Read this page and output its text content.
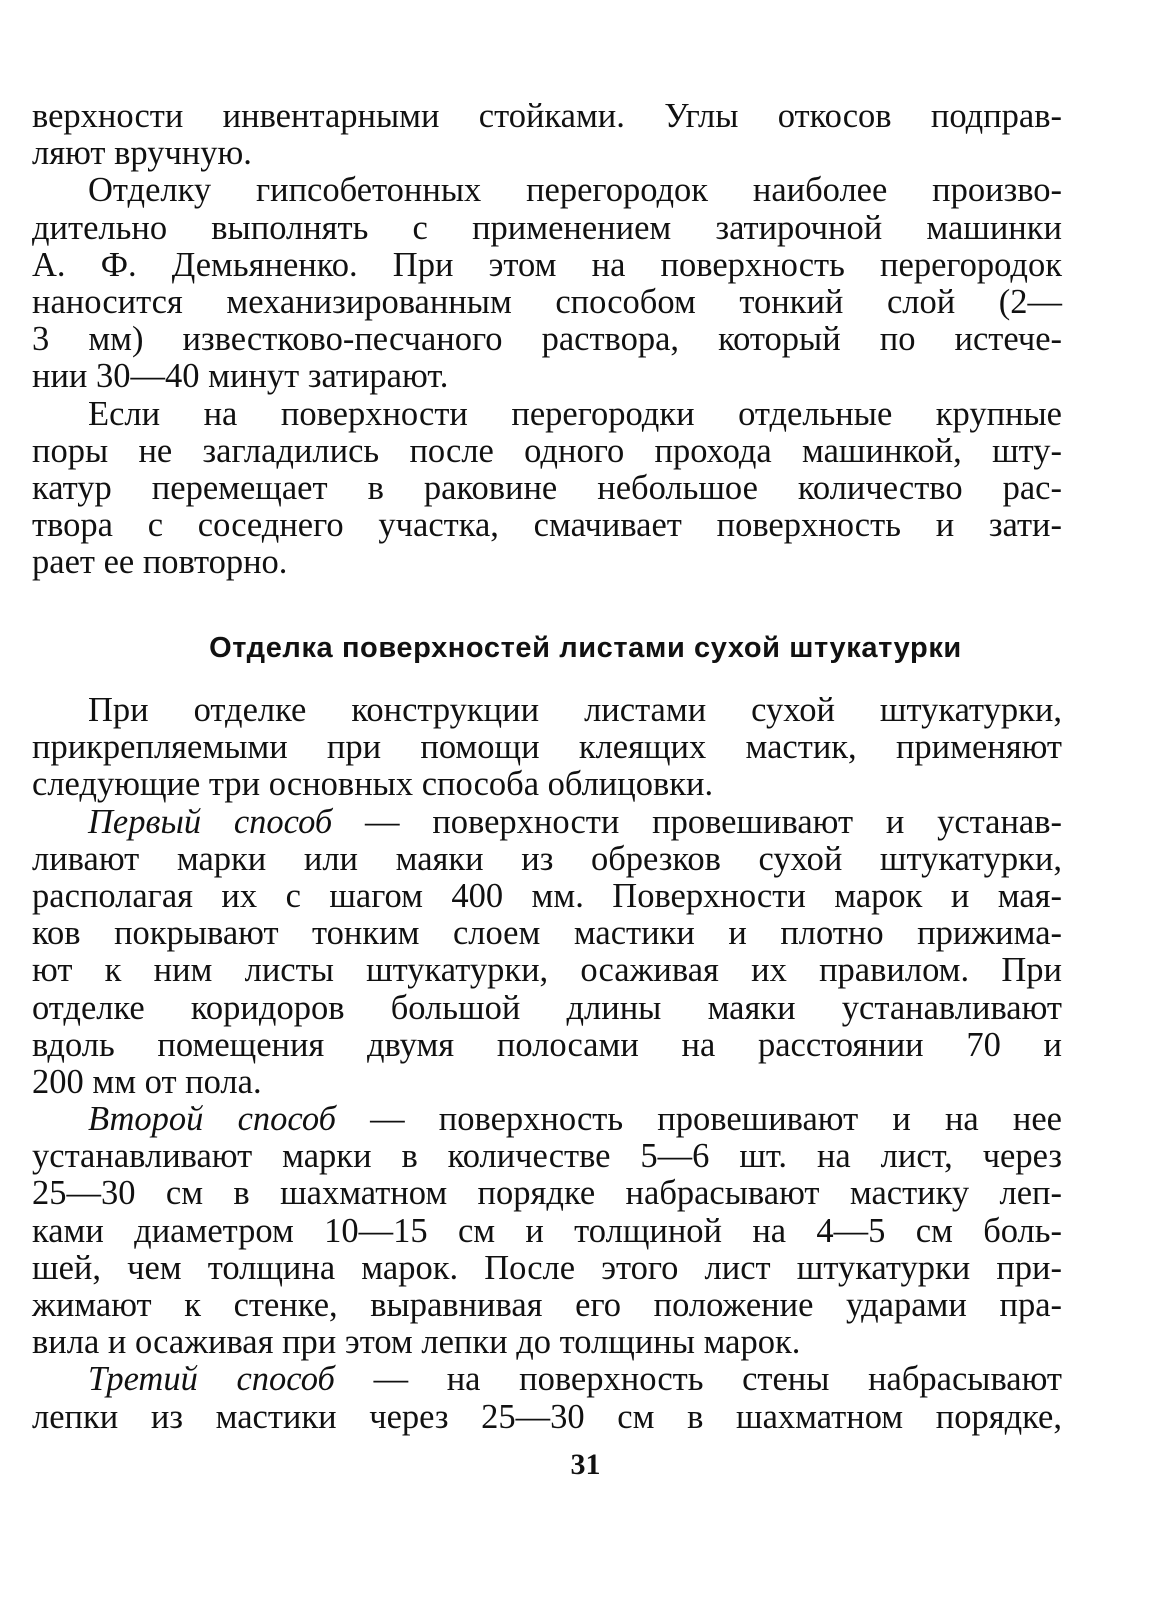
верхности инвентарными стойками. Углы откосов подправ-
ляют вручную.
Отделку гипсобетонных перегородок наиболее произво-
дительно выполнять с применением затирочной машинки
А. Ф. Демьяненко. При этом на поверхность перегородок
наносится механизированным способом тонкий слой (2—
3 мм) известково-песчаного раствора, который по истече-
нии 30—40 минут затирают.
Если на поверхности перегородки отдельные крупные
поры не загладились после одного прохода машинкой, шту-
катур перемещает в раковине небольшое количество рас-
твора с соседнего участка, смачивает поверхность и зати-
рает ее повторно.
Отделка поверхностей листами сухой штукатурки
При отделке конструкции листами сухой штукатурки,
прикрепляемыми при помощи клеящих мастик, применяют
следующие три основных способа облицовки.
Первый способ — поверхности провешивают и устанав-
ливают марки или маяки из обрезков сухой штукатурки,
располагая их с шагом 400 мм. Поверхности марок и мая-
ков покрывают тонким слоем мастики и плотно прижима-
ют к ним листы штукатурки, осаживая их правилом. При
отделке коридоров большой длины маяки устанавливают
вдоль помещения двумя полосами на расстоянии 70 и
200 мм от пола.
Второй способ — поверхность провешивают и на нее
устанавливают марки в количестве 5—6 шт. на лист, через
25—30 см в шахматном порядке набрасывают мастику леп-
ками диаметром 10—15 см и толщиной на 4—5 см боль-
шей, чем толщина марок. После этого лист штукатурки при-
жимают к стенке, выравнивая его положение ударами пра-
вила и осаживая при этом лепки до толщины марок.
Третий способ — на поверхность стены набрасывают
лепки из мастики через 25—30 см в шахматном порядке,
31
